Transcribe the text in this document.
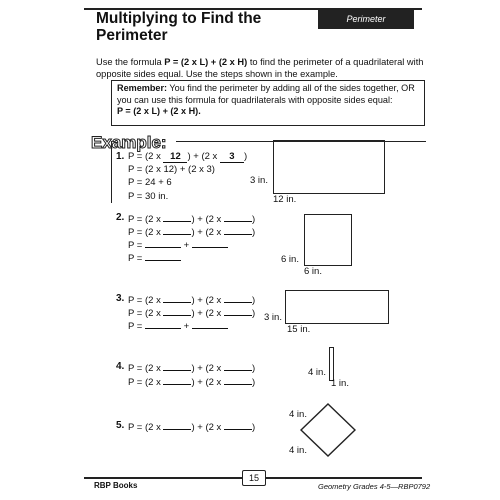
Multiplying to Find the Perimeter
Perimeter
Use the formula P = (2 x L) + (2 x H) to find the perimeter of a quadrilateral with opposite sides equal. Use the steps shown in the example.
Remember: You find the perimeter by adding all of the sides together, OR you can use this formula for quadrilaterals with opposite sides equal:
P = (2 x L) + (2 x H).
Example:
1. P = (2 x 12 ) + (2 x 3 )
P = (2 x 12) + (2 x 3)
P = 24 + 6
P = 30 in.
3 in.
12 in.
2. P = (2 x	) + (2 x	)
P = (2 x	) + (2 x	)
P =	+
P =	6 in.
6 in.
3. P = (2 x	) + (2 x	)
P = (2 x	) + (2 x	)
P =	+
3 in.
15 in.
4. P = (2 x	) + (2 x	)
P = (2 x	) + (2 x	)
4 in.
1 in.
5. P = (2 x	) + (2 x	)
4 in.
4 in.
15
RBP Books	Geometry Grades 4-5—RBP0792
